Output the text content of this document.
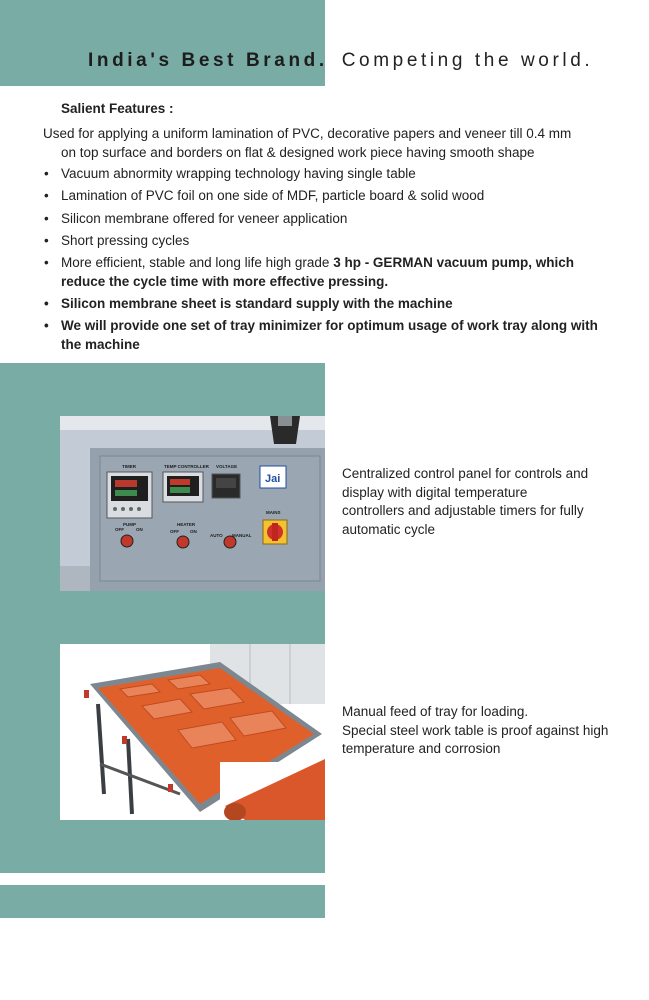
India's Best Brand. Competing the world.
Salient Features :
Used for applying a uniform lamination of PVC, decorative papers and veneer till 0.4 mm
on top surface and borders on flat & designed work piece having smooth shape
• Vacuum abnormity wrapping technology having single table
• Lamination of PVC foil on one side of MDF, particle board & solid wood
• Silicon membrane offered for veneer application
• Short pressing cycles
• More efficient, stable and long life high grade 3 hp - GERMAN vacuum pump, which reduce the cycle time with more effective pressing.
• Silicon membrane sheet is standard supply with the machine
• We will provide one set of tray minimizer for optimum usage of work tray along with the machine
Jai
TIMER	TEMP CONTROLLER VOLTAGE
PUMP	HEATER
MAINS
OFF	ON	OFF ON
AUTO MANUAL
Centralized control panel for controls and display with digital temperature controllers and adjustable timers for fully automatic cycle
Manual feed of tray for loading.
Special steel work table is proof against high temperature and corrosion
